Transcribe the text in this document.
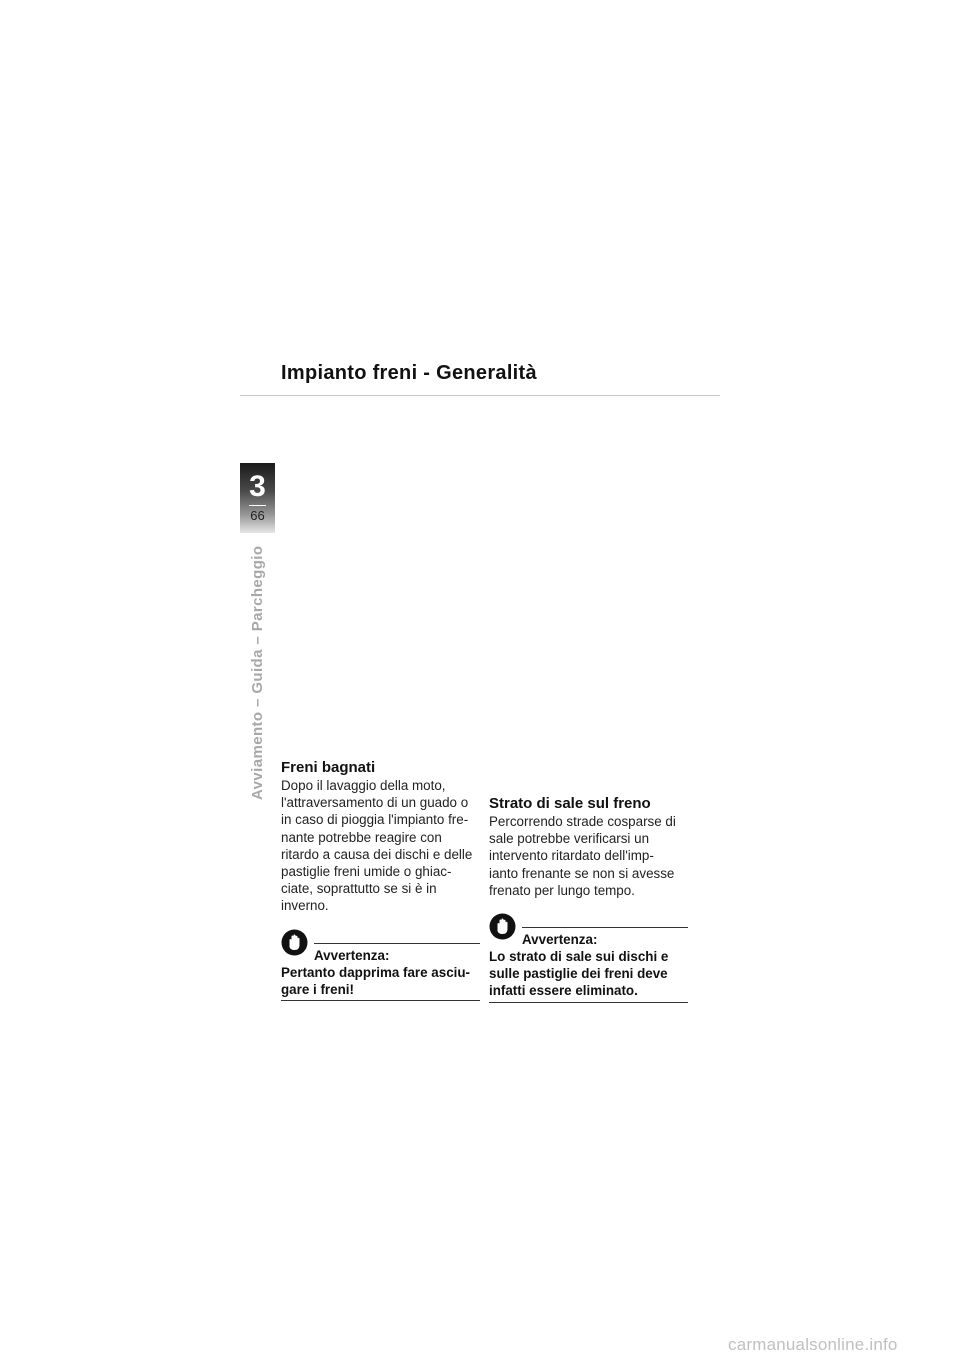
Impianto freni - Generalità
3
66
Avviamento – Guida – Parcheggio Freni bagnati
Dopo il lavaggio della moto,
l'attraversamento di un guado o
in caso di pioggia l'impianto fre-
nante potrebbe reagire con
ritardo a causa dei dischi e delle
pastiglie freni umide o ghiac-
ciate, soprattutto se si è in
inverno.
Avvertenza:
Pertanto dapprima fare asciu-
gare i freni!
Strato di sale sul freno
Percorrendo strade cosparse di
sale potrebbe verificarsi un
intervento ritardato dell'imp-
ianto frenante se non si avesse
frenato per lungo tempo.
Avvertenza:
Lo strato di sale sui dischi e
sulle pastiglie dei freni deve
infatti essere eliminato.
carmanualsonline.info
